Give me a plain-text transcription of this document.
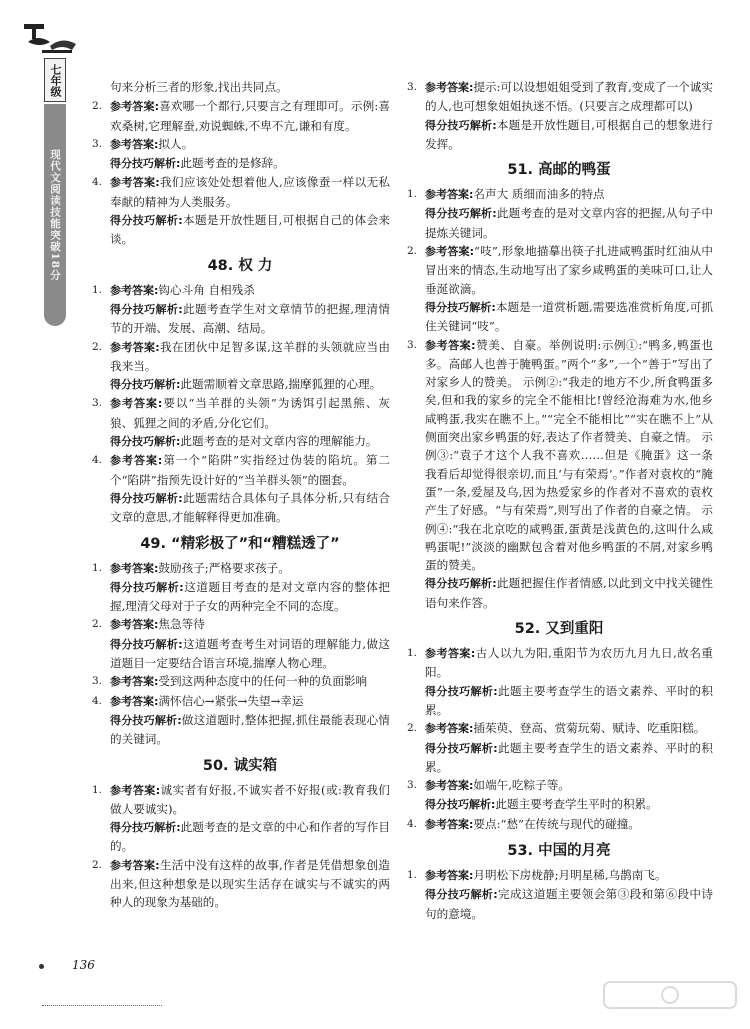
七年级
现代文阅读技能突破18分
136
句来分析三者的形象,找出共同点。
2. 参考答案:喜欢哪一个都行,只要言之有理即可。示例:喜欢桑树,它理解蚕,劝说蜘蛛,不卑不亢,谦和有度。
3. 参考答案:拟人。
得分技巧解析:此题考查的是修辞。
4. 参考答案:我们应该处处想着他人,应该像蚕一样以无私奉献的精神为人类服务。
得分技巧解析:本题是开放性题目,可根据自己的体会来谈。
48. 权 力
1. 参考答案:钩心斗角 自相残杀
得分技巧解析:此题考查学生对文章情节的把握,理清情节的开端、发展、高潮、结局。
2. 参考答案:我在团伙中足智多谋,这羊群的头领就应当由我来当。
得分技巧解析:此题需顺着文章思路,揣摩狐狸的心理。
3. 参考答案:要以“当羊群的头领”为诱饵引起黑熊、灰狼、狐狸之间的矛盾,分化它们。
得分技巧解析:此题考查的是对文章内容的理解能力。
4. 参考答案:第一个“陷阱”实指经过伪装的陷坑。第二个“陷阱”指预先设计好的“当羊群头领”的圈套。
得分技巧解析:此题需结合具体句子具体分析,只有结合文章的意思,才能解释得更加准确。
49. “精彩极了”和“糟糕透了”
1. 参考答案:鼓励孩子;严格要求孩子。
得分技巧解析:这道题目考查的是对文章内容的整体把握,理清父母对于子女的两种完全不同的态度。
2. 参考答案:焦急等待
得分技巧解析:这道题考查考生对词语的理解能力,做这道题目一定要结合语言环境,揣摩人物心理。
3. 参考答案:受到这两种态度中的任何一种的负面影响
4. 参考答案:满怀信心→紧张→失望→幸运
得分技巧解析:做这道题时,整体把握,抓住最能表现心情的关键词。
50. 诚实箱
1. 参考答案:诚实者有好报,不诚实者不好报(或:教育我们做人要诚实)。
得分技巧解析:此题考查的是文章的中心和作者的写作目的。
2. 参考答案:生活中没有这样的故事,作者是凭借想象创造出来,但这种想象是以现实生活存在诚实与不诚实的两种人的现象为基础的。
3. 参考答案:提示:可以设想姐姐受到了教育,变成了一个诚实的人,也可想象姐姐执迷不悟。(只要言之成理都可以)
得分技巧解析:本题是开放性题目,可根据自己的想象进行发挥。
51. 高邮的鸭蛋
1. 参考答案:名声大 质细而油多的特点
得分技巧解析:此题考查的是对文章内容的把握,从句子中提炼关键词。
2. 参考答案:“吱”,形象地描摹出筷子扎进咸鸭蛋时红油从中冒出来的情态,生动地写出了家乡咸鸭蛋的美味可口,让人垂涎欲滴。
得分技巧解析:本题是一道赏析题,需要选准赏析角度,可抓住关键词“吱”。
3. 参考答案:赞美、自豪。举例说明:示例①:“鸭多,鸭蛋也多。高邮人也善于腌鸭蛋。”两个“多”,一个“善于”写出了对家乡人的赞美。 示例②:“我走的地方不少,所食鸭蛋多矣,但和我的家乡的完全不能相比!曾经沧海难为水,他乡咸鸭蛋,我实在瞧不上。”“完全不能相比”“实在瞧不上”从侧面突出家乡鸭蛋的好,表达了作者赞美、自豪之情。 示例③:“袁子才这个人我不喜欢……但是《腌蛋》这一条我看后却觉得很亲切,而且‘与有荣焉’。”作者对袁枚的“腌蛋”一条,爱屋及乌,因为热爱家乡的作者对不喜欢的袁枚产生了好感。“与有荣焉”,则写出了作者的自豪之情。 示例④:“我在北京吃的咸鸭蛋,蛋黄是浅黄色的,这叫什么咸鸭蛋呢!”淡淡的幽默包含着对他乡鸭蛋的不屑,对家乡鸭蛋的赞美。
得分技巧解析:此题把握住作者情感,以此到文中找关键性语句来作答。
52. 又到重阳
1. 参考答案:古人以九为阳,重阳节为农历九月九日,故名重阳。
得分技巧解析:此题主要考查学生的语文素养、平时的积累。
2. 参考答案:插茱萸、登高、赏菊玩菊、赋诗、吃重阳糕。
得分技巧解析:此题主要考查学生的语文素养、平时的积累。
3. 参考答案:如端午,吃粽子等。
得分技巧解析:此题主要考查学生平时的积累。
4. 参考答案:要点:“愁”在传统与现代的碰撞。
53. 中国的月亮
1. 参考答案:月明松下房栊静;月明星稀,乌鹊南飞。
得分技巧解析:完成这道题主要领会第③段和第⑥段中诗句的意境。
